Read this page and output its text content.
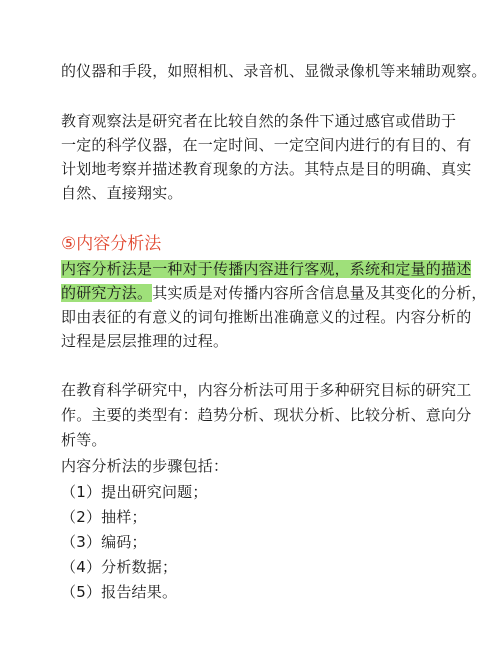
的仪器和手段，如照相机、录音机、显微录像机等来辅助观察。
教育观察法是研究者在比较自然的条件下通过感官或借助于
一定的科学仪器，在一定时间、一定空间内进行的有目的、有
计划地考察并描述教育现象的方法。其特点是目的明确、真实
自然、直接翔实。
⑤内容分析法
内容分析法是一种对于传播内容进行客观，系统和定量的描述
的研究方法。其实质是对传播内容所含信息量及其变化的分析，
即由表征的有意义的词句推断出准确意义的过程。内容分析的
过程是层层推理的过程。
在教育科学研究中，内容分析法可用于多种研究目标的研究工
作。主要的类型有：趋势分析、现状分析、比较分析、意向分
析等。
内容分析法的步骤包括：
（1）提出研究问题；
（2）抽样；
（3）编码；
（4）分析数据；
（5）报告结果。
